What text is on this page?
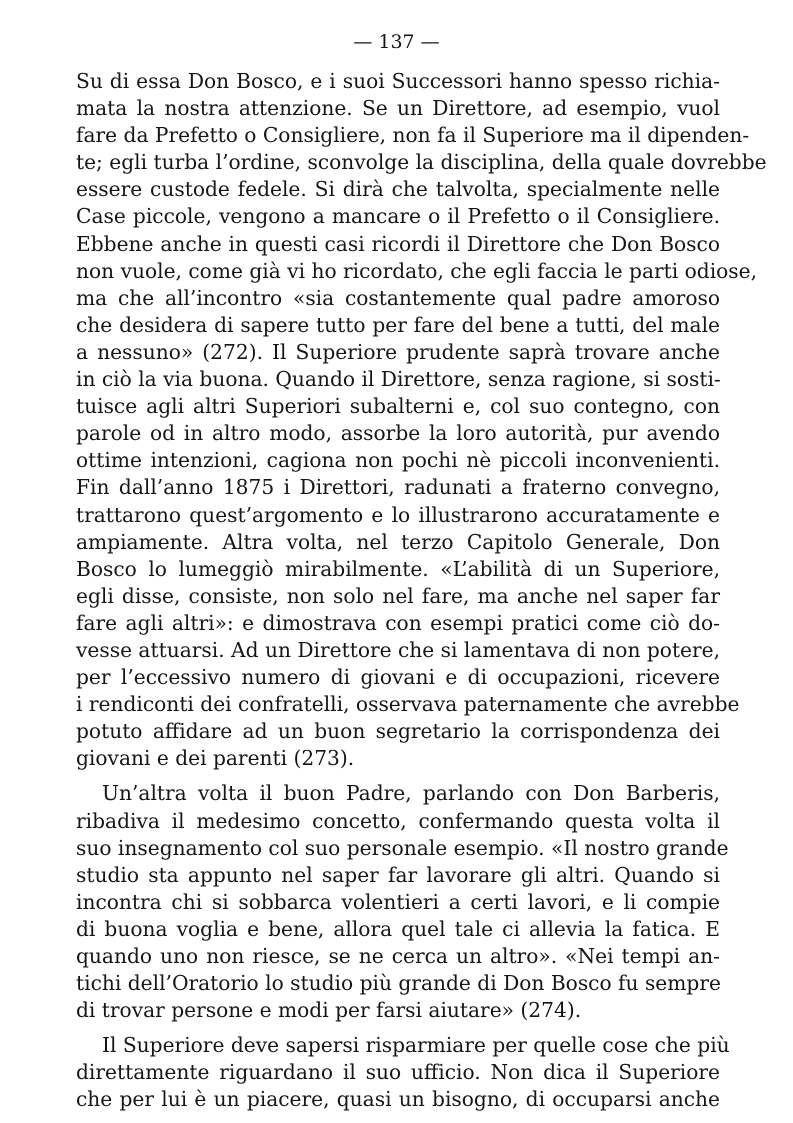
— 137 —
Su di essa Don Bosco, e i suoi Successori hanno spesso richia-
mata la nostra attenzione. Se un Direttore, ad esempio, vuol
fare da Prefetto o Consigliere, non fa il Superiore ma il dipenden-
te; egli turba l’ordine, sconvolge la disciplina, della quale dovrebbe
essere custode fedele. Si dirà che talvolta, specialmente nelle
Case piccole, vengono a mancare o il Prefetto o il Consigliere.
Ebbene anche in questi casi ricordi il Direttore che Don Bosco
non vuole, come già vi ho ricordato, che egli faccia le parti odiose,
ma che all’incontro «sia costantemente qual padre amoroso
che desidera di sapere tutto per fare del bene a tutti, del male
a nessuno» (272). Il Superiore prudente saprà trovare anche
in ciò la via buona. Quando il Direttore, senza ragione, si sosti-
tuisce agli altri Superiori subalterni e, col suo contegno, con
parole od in altro modo, assorbe la loro autorità, pur avendo
ottime intenzioni, cagiona non pochi nè piccoli inconvenienti.
Fin dall’anno 1875 i Direttori, radunati a fraterno convegno,
trattarono quest’argomento e lo illustrarono accuratamente e
ampiamente. Altra volta, nel terzo Capitolo Generale, Don
Bosco lo lumeggiò mirabilmente. «L’abilità di un Superiore,
egli disse, consiste, non solo nel fare, ma anche nel saper far
fare agli altri»: e dimostrava con esempi pratici come ciò do-
vesse attuarsi. Ad un Direttore che si lamentava di non potere,
per l’eccessivo numero di giovani e di occupazioni, ricevere
i rendiconti dei confratelli, osservava paternamente che avrebbe
potuto affidare ad un buon segretario la corrispondenza dei
giovani e dei parenti (273).
Un’altra volta il buon Padre, parlando con Don Barberis,
ribadiva il medesimo concetto, confermando questa volta il
suo insegnamento col suo personale esempio. «Il nostro grande
studio sta appunto nel saper far lavorare gli altri. Quando si
incontra chi si sobbarca volentieri a certi lavori, e li compie
di buona voglia e bene, allora quel tale ci allevia la fatica. E
quando uno non riesce, se ne cerca un altro». «Nei tempi an-
tichi dell’Oratorio lo studio più grande di Don Bosco fu sempre
di trovar persone e modi per farsi aiutare» (274).
Il Superiore deve sapersi risparmiare per quelle cose che più
direttamente riguardano il suo ufficio. Non dica il Superiore
che per lui è un piacere, quasi un bisogno, di occuparsi anche
